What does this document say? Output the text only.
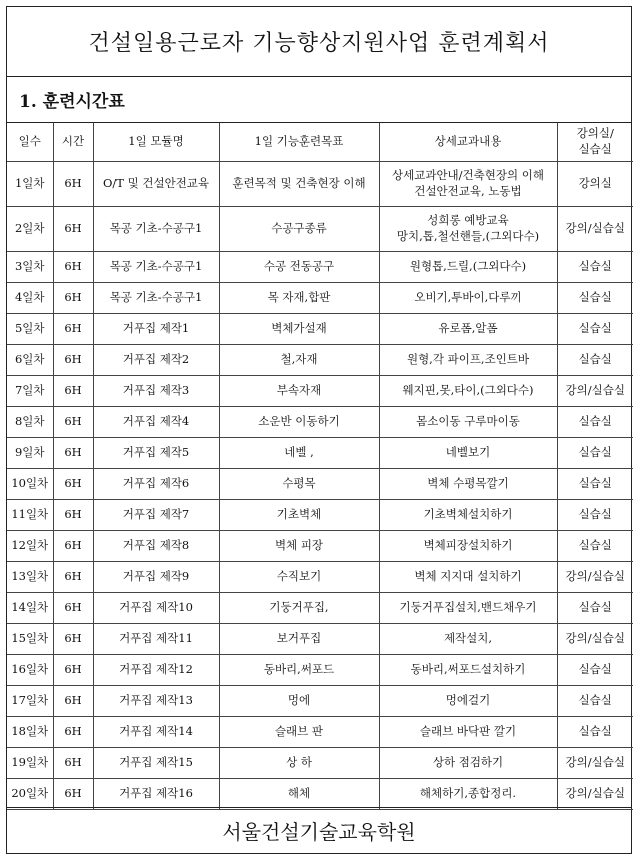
건설일용근로자 기능향상지원사업 훈련계획서
1. 훈련시간표
일수	시간	1일 모듈명	1일 기능훈련목표	상세교과내용	강의실/
실습실

1일차	6H	O/T 및 건설안전교육	훈련목적 및 건축현장 이해	상세교과안내/건축현장의 이해
건설안전교육, 노동법	강의실
2일차	6H	목공 기초-수공구1	수공구종류	성희롱 예방교육
망치,톱,철선핸들,(그외다수)	강의/실습실
3일차	6H	목공 기초-수공구1	수공 전동공구	원형톱,드릴,(그외다수)	실습실
4일차	6H	목공 기초-수공구1	목 자재,합판	오비기,투바이,다루끼	실습실
5일차	6H	거푸집 제작1	벽체가설재	유로폼,알폼	실습실
6일차	6H	거푸집 제작2	철,자재	원형,각 파이프,조인트바	실습실
7일차	6H	거푸집 제작3	부속자재	웨지핀,못,타이,(그외다수)	강의/실습실
8일차	6H	거푸집 제작4	소운반 이동하기	몸소이동 구루마이동	실습실
9일차	6H	거푸집 제작5	네벨 ,	네벨보기	실습실
10일차	6H	거푸집 제작6	수평목	벽체 수평목깔기	실습실
11일차	6H	거푸집 제작7	기초벽체	기초벽체설치하기	실습실
12일차	6H	거푸집 제작8	벽체 피장	벽체피장설치하기	실습실
13일차	6H	거푸집 제작9	수직보기	벽체 지지대 설치하기	강의/실습실
14일차	6H	거푸집 제작10	기둥거푸집,	기둥거푸집설치,밴드채우기	실습실
15일차	6H	거푸집 제작11	보거푸집	제작설치,	강의/실습실
16일차	6H	거푸집 제작12	동바리,써포드	동바리,써포드설치하기	실습실
17일차	6H	거푸집 제작13	멍에	멍에걸기	실습실
18일차	6H	거푸집 제작14	슬래브 판	슬래브 바닥판 깔기	실습실
19일차	6H	거푸집 제작15	상 하	상하 점검하기	강의/실습실
20일차	6H	거푸집 제작16	해체	해체하기,종합정리.	강의/실습실
서울건설기술교육학원
